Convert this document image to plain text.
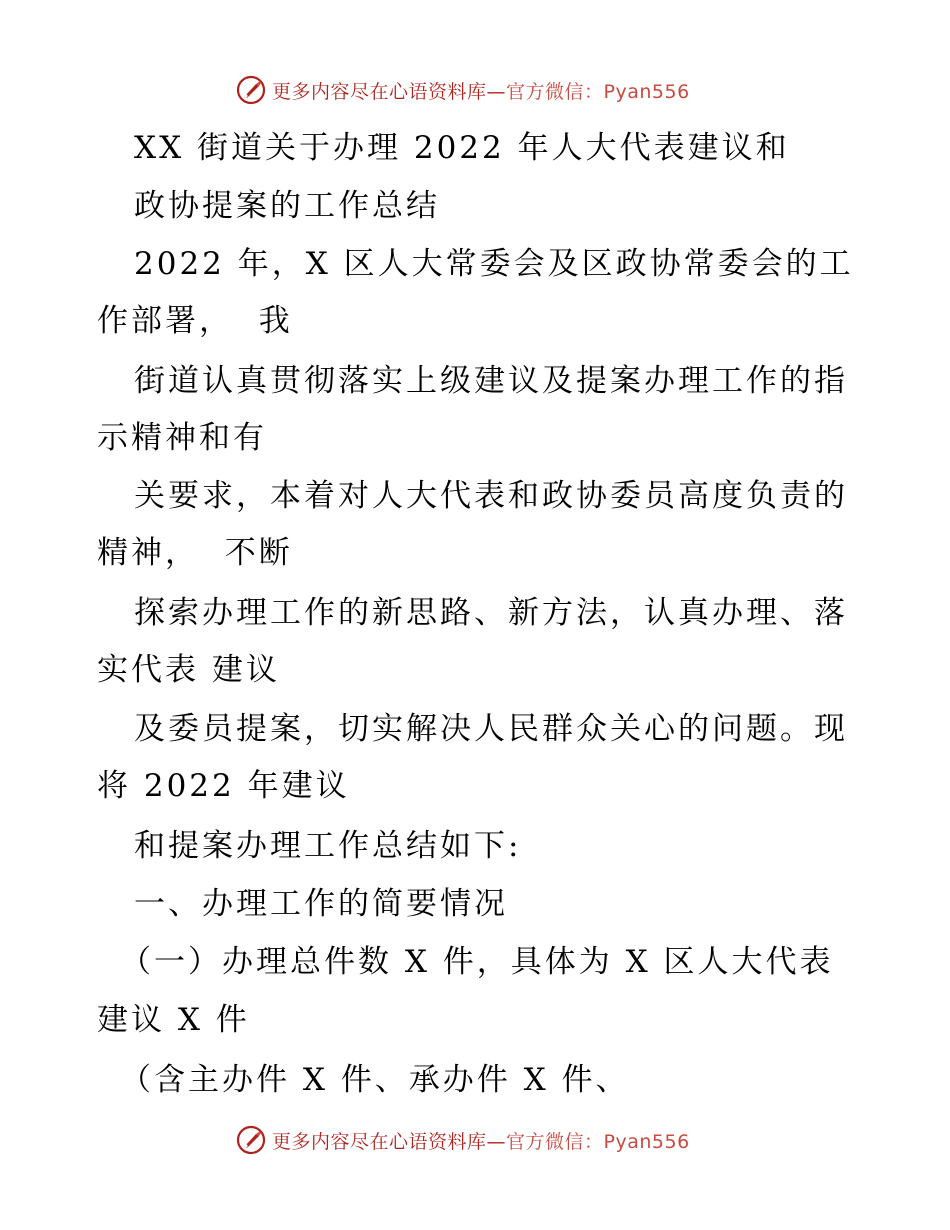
更多内容尽在心语资料库—官方微信：Pyan556
XX 街道关于办理 2022 年人大代表建议和
政协提案的工作总结
2022 年，X 区人大常委会及区政协常委会的工
作部署，  我
街道认真贯彻落实上级建议及提案办理工作的指
示精神和有
关要求，本着对人大代表和政协委员高度负责的
精神，  不断
探索办理工作的新思路、新方法，认真办理、落
实代表 建议
及委员提案，切实解决人民群众关心的问题。现
将 2022 年建议
和提案办理工作总结如下:
一、办理工作的简要情况
（一）办理总件数 X 件，具体为 X 区人大代表
建议 X 件
（含主办件 X 件、承办件 X 件、
更多内容尽在心语资料库—官方微信：Pyan556
